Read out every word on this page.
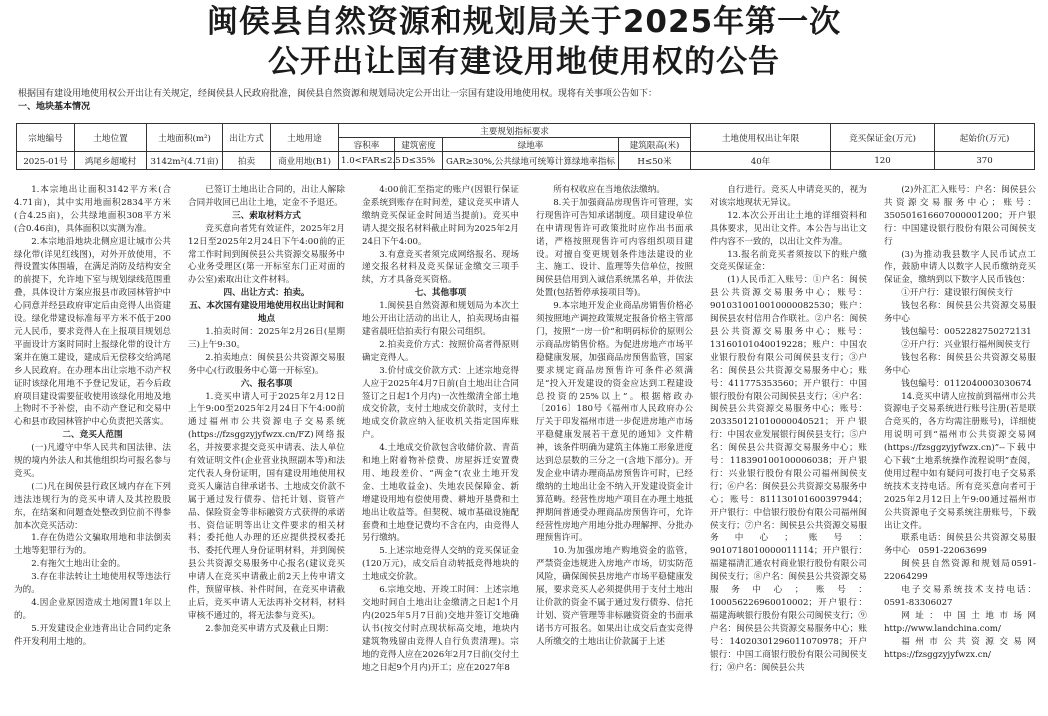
闽侯县自然资源和规划局关于2025年第一次
公开出让国有建设用地使用权的公告
根据国有建设用地使用权公开出让有关规定，经闽侯县人民政府批准，闽侯县自然资源和规划局决定公开出让一宗国有建设用地使用权。现将有关事项公告如下：
一、地块基本情况
宗地编号	土地位置	土地面积(m²)	出让方式	土地用途	主要规划指标要求				土地使用权出让年限	竞买保证金(万元)	起始价(万元)
					容积率	建筑密度	绿地率	建筑限高(米)			
2025-01号	鸿尾乡超墘村	3142m²(4.71亩)	拍卖	商业用地(B1)	1.0<FAR≤2.5	D≤35%	GAR≥30%,公共绿地可统筹计算绿地率指标	H≤50米	40年	120	370

1.本宗地出让面积3142平方米(合4.71亩)，其中实用地面积2834平方米(合4.25亩)，公共绿地面积308平方米(合0.46亩)，具体面积以实测为准。

2.本宗地沿地块北侧应退让城市公共绿化带(详见红线图)，对外开放使用，不得设置实体围墙，在满足消防及结构安全的前提下，允许地下室与规划绿线范围重叠，具体设计方案应报县市政园林管护中心同意并经县政府审定后由竞得人出资建设。绿化带建设标准每平方米不低于200元人民币，要求竞得人在上报项目规划总平面设计方案时同时上报绿化带的设计方案并在施工建设，建成后无偿移交给鸿尾乡人民政府。在办理本出让宗地不动产权证时该绿化用地不予登记发证，若今后政府项目建设需要征收使用该绿化用地及地上物时不予补偿，由不动产登记和交易中心和县市政园林管护中心负责把关落实。

二、竞买人范围

(一)凡遵守中华人民共和国法律、法规的境内外法人和其他组织均可报名参与竞买。

(二)凡在闽侯县行政区域内存在下列违法违规行为的竞买申请人及其控股股东，在结案和问题查处整改到位前不得参加本次竞买活动：

1.存在伪造公文骗取用地和非法倒卖土地等犯罪行为的。

2.有拖欠土地出让金的。

3.存在非法转让土地使用权等违法行为的。

4.因企业原因造成土地闲置1年以上的。

5.开发建设企业违背出让合同约定条件开发利用土地的。

已签订土地出让合同的，出让人解除合同并收回已出让土地，定金不予退还。

三、索取材料方式

竞买意向者凭有效证件，2025年2月12日至2025年2月24日下午4:00前的正常工作时间到闽侯县公共资源交易服务中心业务受理区(第一开标室东门正对面的办公室)索取出让文件材料。

四、出让方式：拍卖。

五、本次国有建设用地使用权出让时间和地点

1.拍卖时间：2025年2月26日(星期三)上午9:30。

2.拍卖地点：闽侯县公共资源交易服务中心(行政服务中心第一开标室)。

六、报名事项

1.竞买申请人可于2025年2月12日上午9:00至2025年2月24日下午4:00前通过福州市公共资源电子交易系统(https://fzsggzyjyfwzx.cn/FZ)网络报名，并按要求提交竞买申请表、法人单位有效证明文件(企业营业执照副本等)和法定代表人身份证明，国有建设用地使用权竞买人廉洁自律承诺书、土地成交价款不属于通过发行债券、信托计划、资管产品、保险资金等非标融资方式获得的承诺书、资信证明等出让文件要求的相关材料；委托他人办理的还应提供授权委托书、委托代理人身份证明材料，并到闽侯县公共资源交易服务中心报名(建议竞买申请人在竞买申请截止前2天上传申请文件，预留审核、补件时间，在竞买申请截止后，竞买申请人无法再补交材料，材料审核不通过的，将无法参与竞买)。

2.参加竞买申请方式及截止日期：

4:00前汇至指定的账户(因银行保证金系统到账存在时间差，建议竞买申请人缴纳竞买保证金时间适当提前)。竞买申请人提交报名材料截止时间为2025年2月24日下午4:00。

3.有意竞买者须完成网络报名、现场递交报名材料及竞买保证金缴交三项手续，方才具备竞买资格。

七、其他事项

1.闽侯县自然资源和规划局为本次土地公开出让活动的出让人，拍卖现场由福建省晨旺信拍卖行有限公司组织。

2.拍卖竞价方式：按照价高者得原则确定竞得人。

3.价付成交价款方式：上述宗地竞得人应于2025年4月7日前(自土地出让合同签订之日起1个月内)一次性缴清全部土地成交价款，支付土地成交价款时，支付土地成交价款应纳入征收机关指定国库账户。

4.土地成交价款包含收储价款、青苗和地上附着物补偿费、房屋拆迁安置费用、地段差价、“两金”(农业土地开发金、土地收益金)、失地农民保障金、新增建设用地有偿使用费、耕地开垦费和土地出让收益等。但契税、城市基础设施配套费和土地登记费均不含在内，由竞得人另行缴纳。

5.上述宗地竞得人交纳的竞买保证金(120万元)，成交后自动转抵竞得地块的土地成交价款。

6.宗地交地、开竣工时间：上述宗地交地时间自土地出让金缴清之日起1个月内(2025年5月7日前)交地并签订交地确认书(按交付时点现状标高交地，地块内建筑物残留由竞得人自行负责清理)。宗地的竞得人应在2026年2月7日前(交付土地之日起9个月内)开工；应在2027年8

所有权收应在当地依法缴纳。

8.关于加强商品房现售许可管理，实行现售许可告知承诺制度。项目建设单位在申请现售许可政策批时应作出书面承诺，严格按照现售许可内容组织项目建设。对擅自变更规划条件违法建设的业主、施工、设计、监理等失信单位，按照闽侯县信用到入诚信系统黑名单，并依法处置(包括暂停承接项目等)。

9.本宗地开发企业商品房销售价格必须按照地产调控政策规定报备价格主管部门，按照“一房一价”和明码标价的原则公示商品房销售价格。为促进房地产市场平稳健康发展，加强商品房预售监管，国家要求规定商品房预售许可条件必须满足“投入开发建设的资金应达到工程建设总投资的25%以上”。根据榕政办〔2016〕180号《福州市人民政府办公厅关于印发福州市进一步促进房地产市场平稳健康发展若干意见的通知》文件精神，该条件明确为建筑主体施工形象进度达到总层数的三分之一(含地下部分)。开发企业申请办理商品房预售许可时，已经缴纳的土地出让金不纳入开发建设资金计算范畴。经营性房地产项目在办理土地抵押期间普通受办理商品房预售许可，允许经营性房地产用地分批办理解押、分批办理预售许可。

10.为加强房地产购地资金的监管，严禁资金违规进入房地产市场，切实防范风险，确保闽侯县房地产市场平稳健康发展，要求竞买人必须提供用于支付土地出让价款的资金不属于通过发行债券、信托计划、资产管理等非标融资资金的书面承诺书方可报名。如果出让成交后查实竞得人所缴交的土地出让价款属于上述

自行进行。竞买人申请竞买的，视为对该宗地现状无异议。

12.本次公开出让土地的详细资料和具体要求，见出让文件。本公告与出让文件内容不一致的，以出让文件为准。

13.报名前竞买者须按以下的账户缴交竞买保证金：

(1)人民币汇入账号：①户名：闽侯县公共资源交易服务中心；账号：9010310010010000082530；账户：闽侯县农村信用合作联社。②户名：闽侯县公共资源交易服务中心；账号：13160101040019228；账户：中国农业银行股份有限公司闽侯县支行；③户名：闽侯县公共资源交易服务中心；账号：411775353560；开户银行：中国银行股份有限公司闽侯县支行；④户名：闽侯县公共资源交易服务中心；账号：203350121010000040521；开户银行：中国农业发展银行闽侯县支行；⑤户名：闽侯县公共资源交易服务中心；账号：118390100100006038；开户银行：兴业银行股份有限公司福州闽侯支行；⑥户名：闽侯县公共资源交易服务中心；账号：811130101600397944；开户银行：中信银行股份有限公司福州闽侯支行；⑦户名：闽侯县公共资源交易服务中心；账号：9010718010000011114；开户银行：福建福清汇通农村商业银行股份有限公司闽侯支行；⑧户名：闽侯县公共资源交易服务中心；账号：100056226960010002；开户银行：福建海峡银行股份有限公司闽侯支行；⑨户名：闽侯县公共资源交易服务中心；账号：14020301296011070978；开户银行：中国工商银行股份有限公司闽侯支行；⑩户名：闽侯县公共

(2)外汇汇入账号：户名：闽侯县公共资源交易服务中心；账号：350501616607000001200；开户银行：中国建设银行股份有限公司闽侯支行

(3)为推动我县数字人民币试点工作，鼓励申请人以数字人民币缴纳竞买保证金，缴纳到以下数字人民币钱包：

①开户行：建设银行闽侯支行

钱包名称：闽侯县公共资源交易服务中心

钱包编号：0052282750272131

②开户行：兴业银行福州闽侯支行

钱包名称：闽侯县公共资源交易服务中心

钱包编号：0112040003030674

14.竞买申请人应按前到福州市公共资源电子交易系统进行账号注册(若是联合竞买的，各方均需注册账号)，详细使用说明可到“福州市公共资源交易网(https://fzsggzyjyfwzx.cn)”--下载中心下载“土地系统操作流程说明”查阅，使用过程中如有疑问可拨打电子交易系统技术支持电话。所有竞买意向者可于2025年2月12日上午9:00通过福州市公共资源电子交易系统注册账号，下载出让文件。

联系电话：闽侯县公共资源交易服务中心　0591-22063699

闽侯县自然资源和规划局0591-22064299

电子交易系统技术支持电话：0591-83306027

网址：中国土地市场网http://www.landchina.com/

福州市公共资源交易网 https://fzsggzyjyfwzx.cn/
